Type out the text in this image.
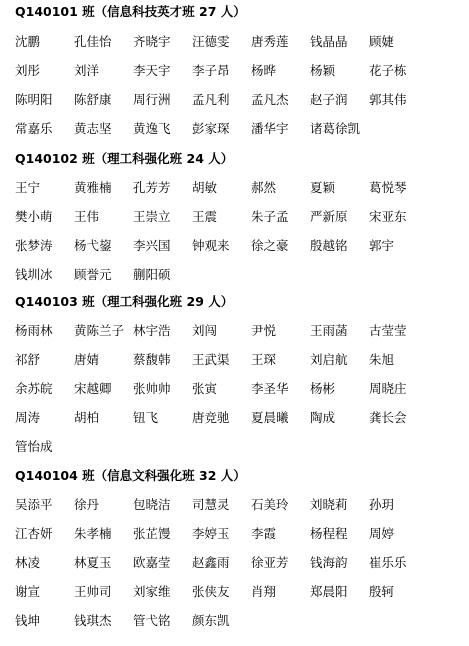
Q140101 班（信息科技英才班 27 人）
沈鹏	孔佳怡 齐晓宇 汪德雯 唐秀莲 钱晶晶 顾婕
刘彤	刘洋	李天宇 李子昂 杨晔	杨颖	花子栋
陈明阳 陈舒康 周行洲 孟凡利 孟凡杰 赵子润 郭其伟
常嘉乐 黄志坚 黄逸飞 彭家琛 潘华宇 诸葛徐凯
Q140102 班（理工科强化班 24 人）
王宁	黄雅楠 孔芳芳 胡敏	郝然	夏颖	葛悦琴
樊小萌 王伟	王崇立 王震	朱子孟 严新原 宋亚东
张梦涛 杨弋鋆 李兴国 钟观来 徐之豪 殷越铭 郭宇
钱圳冰 顾誉元 蒯阳硕
Q140103 班（理工科强化班 29 人）
杨雨林 黄陈兰子 林宇浩 刘闯	尹悦	王雨菡 古莹莹
祁舒	唐婧	蔡馥韩 王武渠 王琛	刘启航 朱旭
余苏皖 宋越卿 张帅帅 张寅	李圣华 杨彬	周晓庄
周涛	胡柏	钮飞	唐竞驰 夏晨曦 陶成	龚长会
管怡成
Q140104 班（信息文科强化班 32 人）
吴添平 徐丹	包晓洁 司慧灵 石美玲 刘晓莉 孙玥
江杏妍 朱孝楠 张芷馒 李婷玉 李霞	杨程程 周婷
林凌	林夏玉 欧嘉莹 赵鑫雨 徐亚芳 钱海韵 崔乐乐
谢宣	王帅司 刘家维 张侠友 肖翔	郑晨阳 殷轲
钱坤	钱琪杰 管弋铭 颜东凯
